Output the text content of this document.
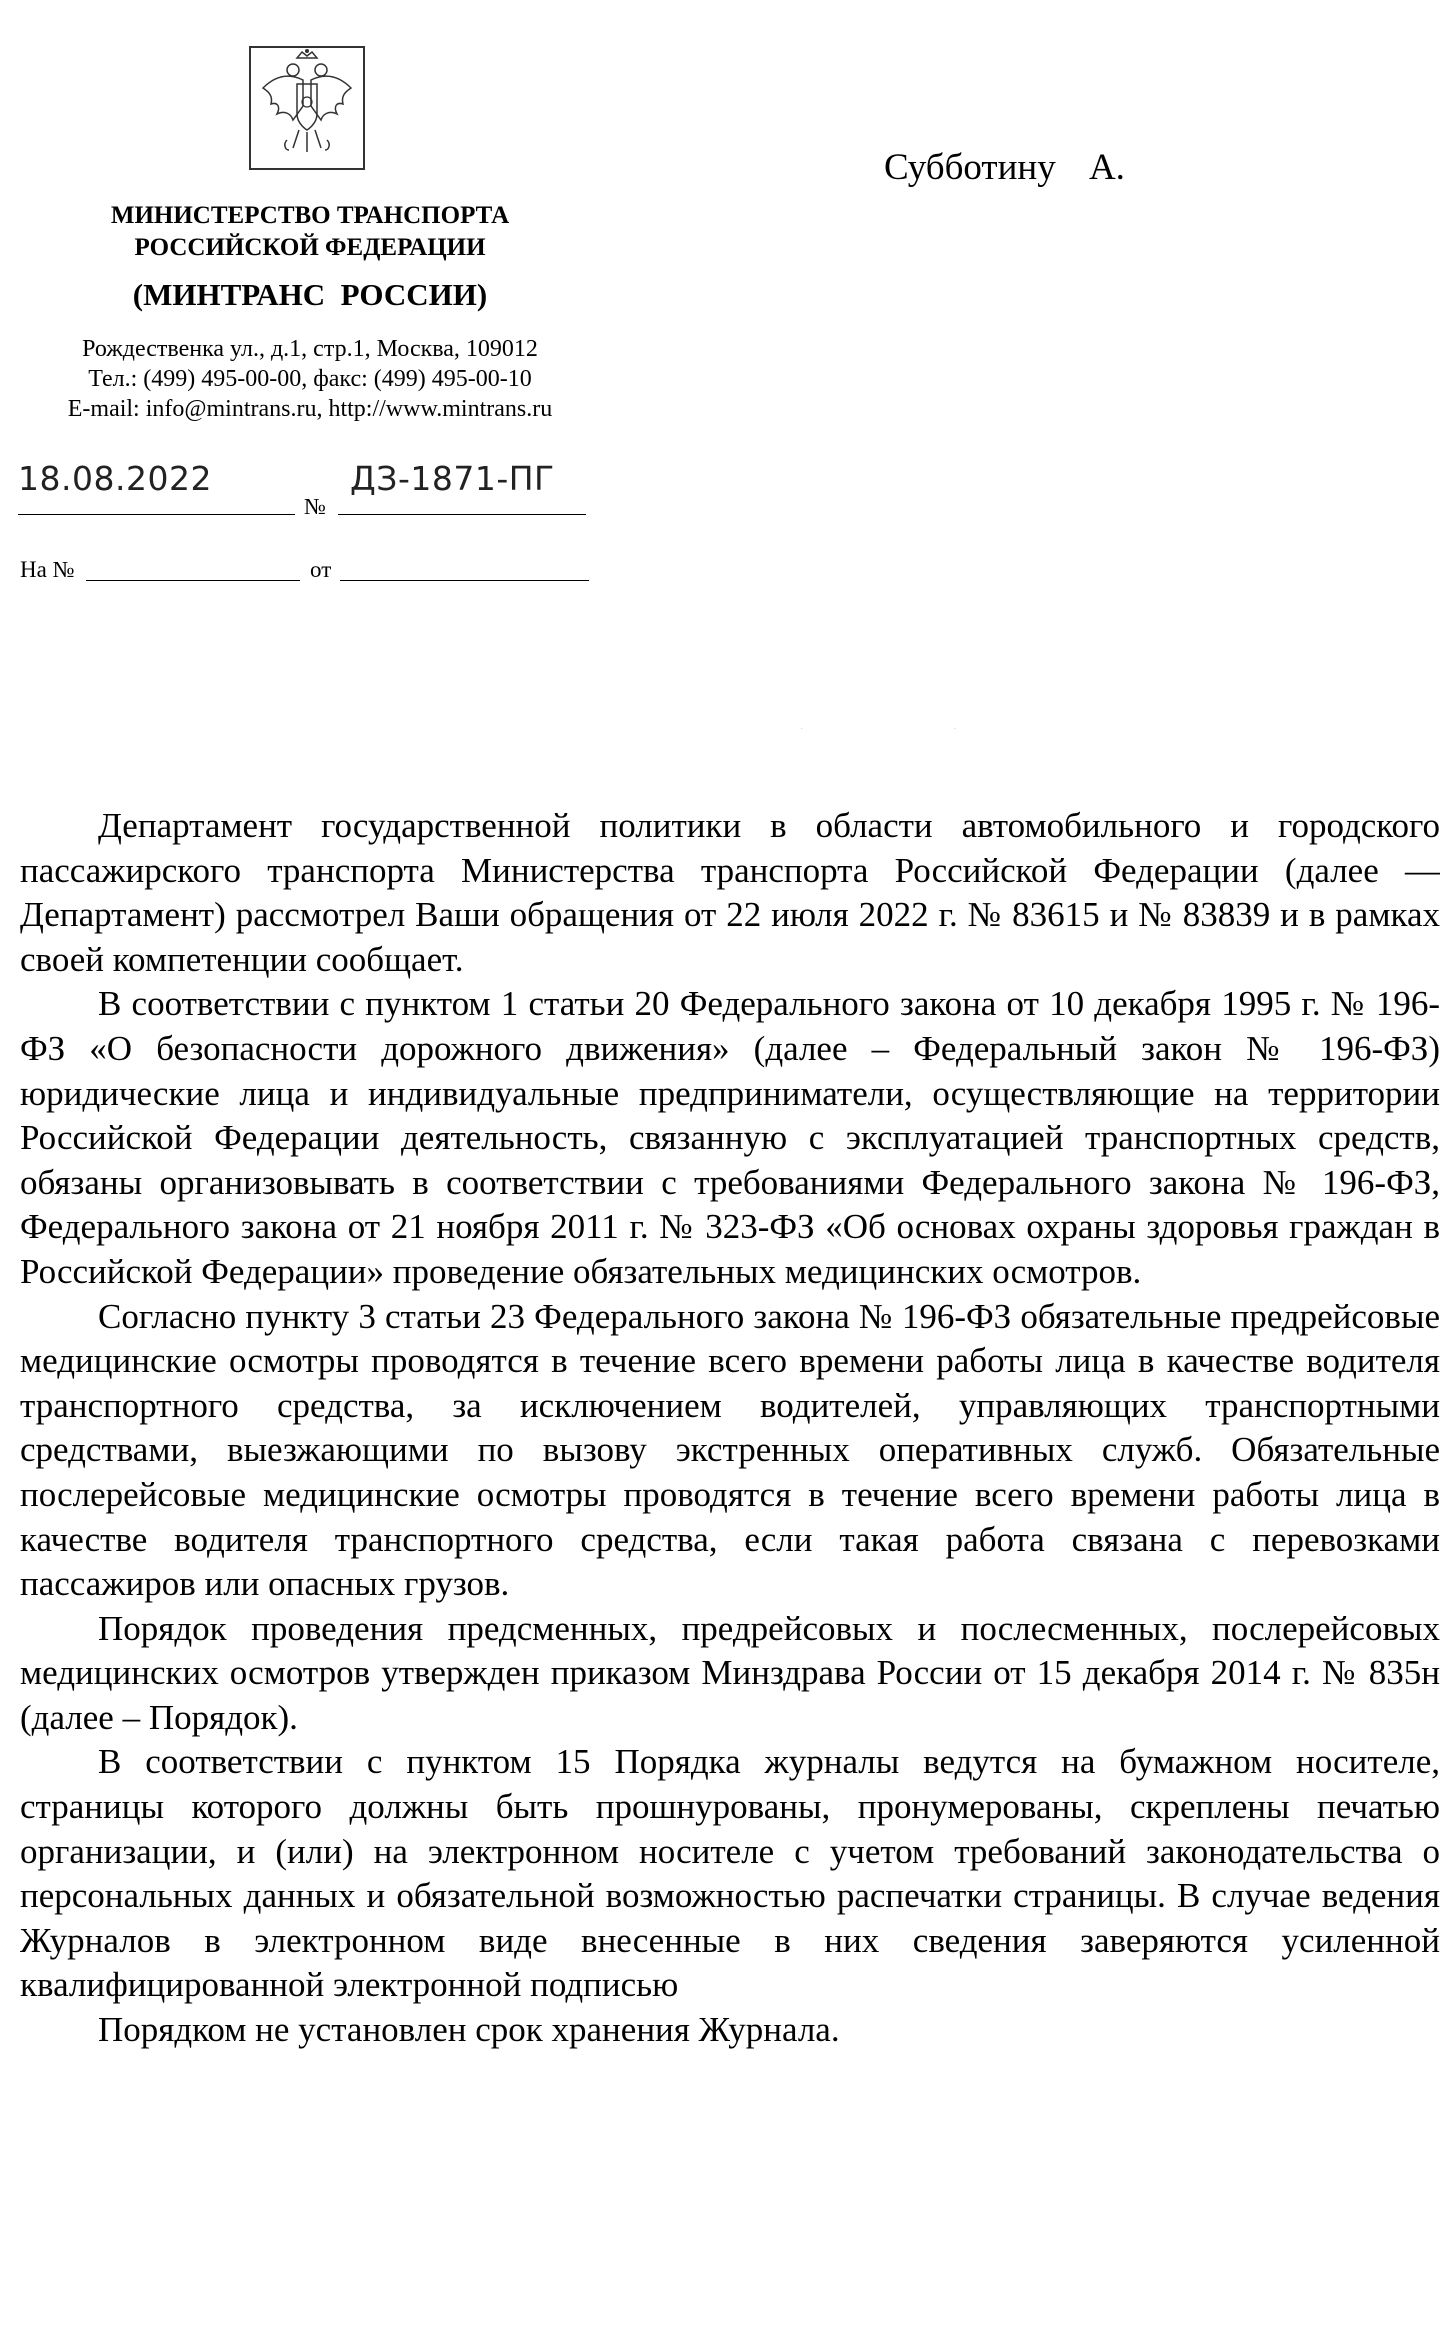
МИНИСТЕРСТВО ТРАНСПОРТА
РОССИЙСКОЙ ФЕДЕРАЦИИ
(МИНТРАНС  РОССИИ)
Рождественка ул., д.1, стр.1, Москва, 109012
Тел.: (499) 495-00-00, факс: (499) 495-00-10
E-mail: info@mintrans.ru, http://www.mintrans.ru
18.08.2022	ДЗ-1871-ПГ
№
На №	от
Субботину А.
·                                                            ·

Департамент государственной политики в области автомобильного и городского пассажирского транспорта Министерства транспорта Российской Федерации (далее — Департамент) рассмотрел Ваши обращения от 22 июля 2022 г. № 83615 и № 83839 и в рамках своей компетенции сообщает.

В соответствии с пунктом 1 статьи 20 Федерального закона от 10 декабря 1995 г. № 196-ФЗ «О безопасности дорожного движения» (далее – Федеральный закон № 196-ФЗ) юридические лица и индивидуальные предприниматели, осуществляющие на территории Российской Федерации деятельность, связанную с эксплуатацией транспортных средств, обязаны организовывать в соответствии с требованиями Федерального закона № 196-ФЗ, Федерального закона от 21 ноября 2011 г. № 323-ФЗ «Об основах охраны здоровья граждан в Российской Федерации» проведение обязательных медицинских осмотров.

Согласно пункту 3 статьи 23 Федерального закона № 196-ФЗ обязательные предрейсовые медицинские осмотры проводятся в течение всего времени работы лица в качестве водителя транспортного средства, за исключением водителей, управляющих транспортными средствами, выезжающими по вызову экстренных оперативных служб. Обязательные послерейсовые медицинские осмотры проводятся в течение всего времени работы лица в качестве водителя транспортного средства, если такая работа связана с перевозками пассажиров или опасных грузов.

Порядок проведения предсменных, предрейсовых и послесменных, послерейсовых медицинских осмотров утвержден приказом Минздрава России от 15 декабря 2014 г. № 835н (далее – Порядок).

В соответствии с пунктом 15 Порядка журналы ведутся на бумажном носителе, страницы которого должны быть прошнурованы, пронумерованы, скреплены печатью организации, и (или) на электронном носителе с учетом требований законодательства о персональных данных и обязательной возможностью распечатки страницы. В случае ведения Журналов в электронном виде внесенные в них сведения заверяются усиленной квалифицированной электронной подписью

Порядком не установлен срок хранения Журнала.
